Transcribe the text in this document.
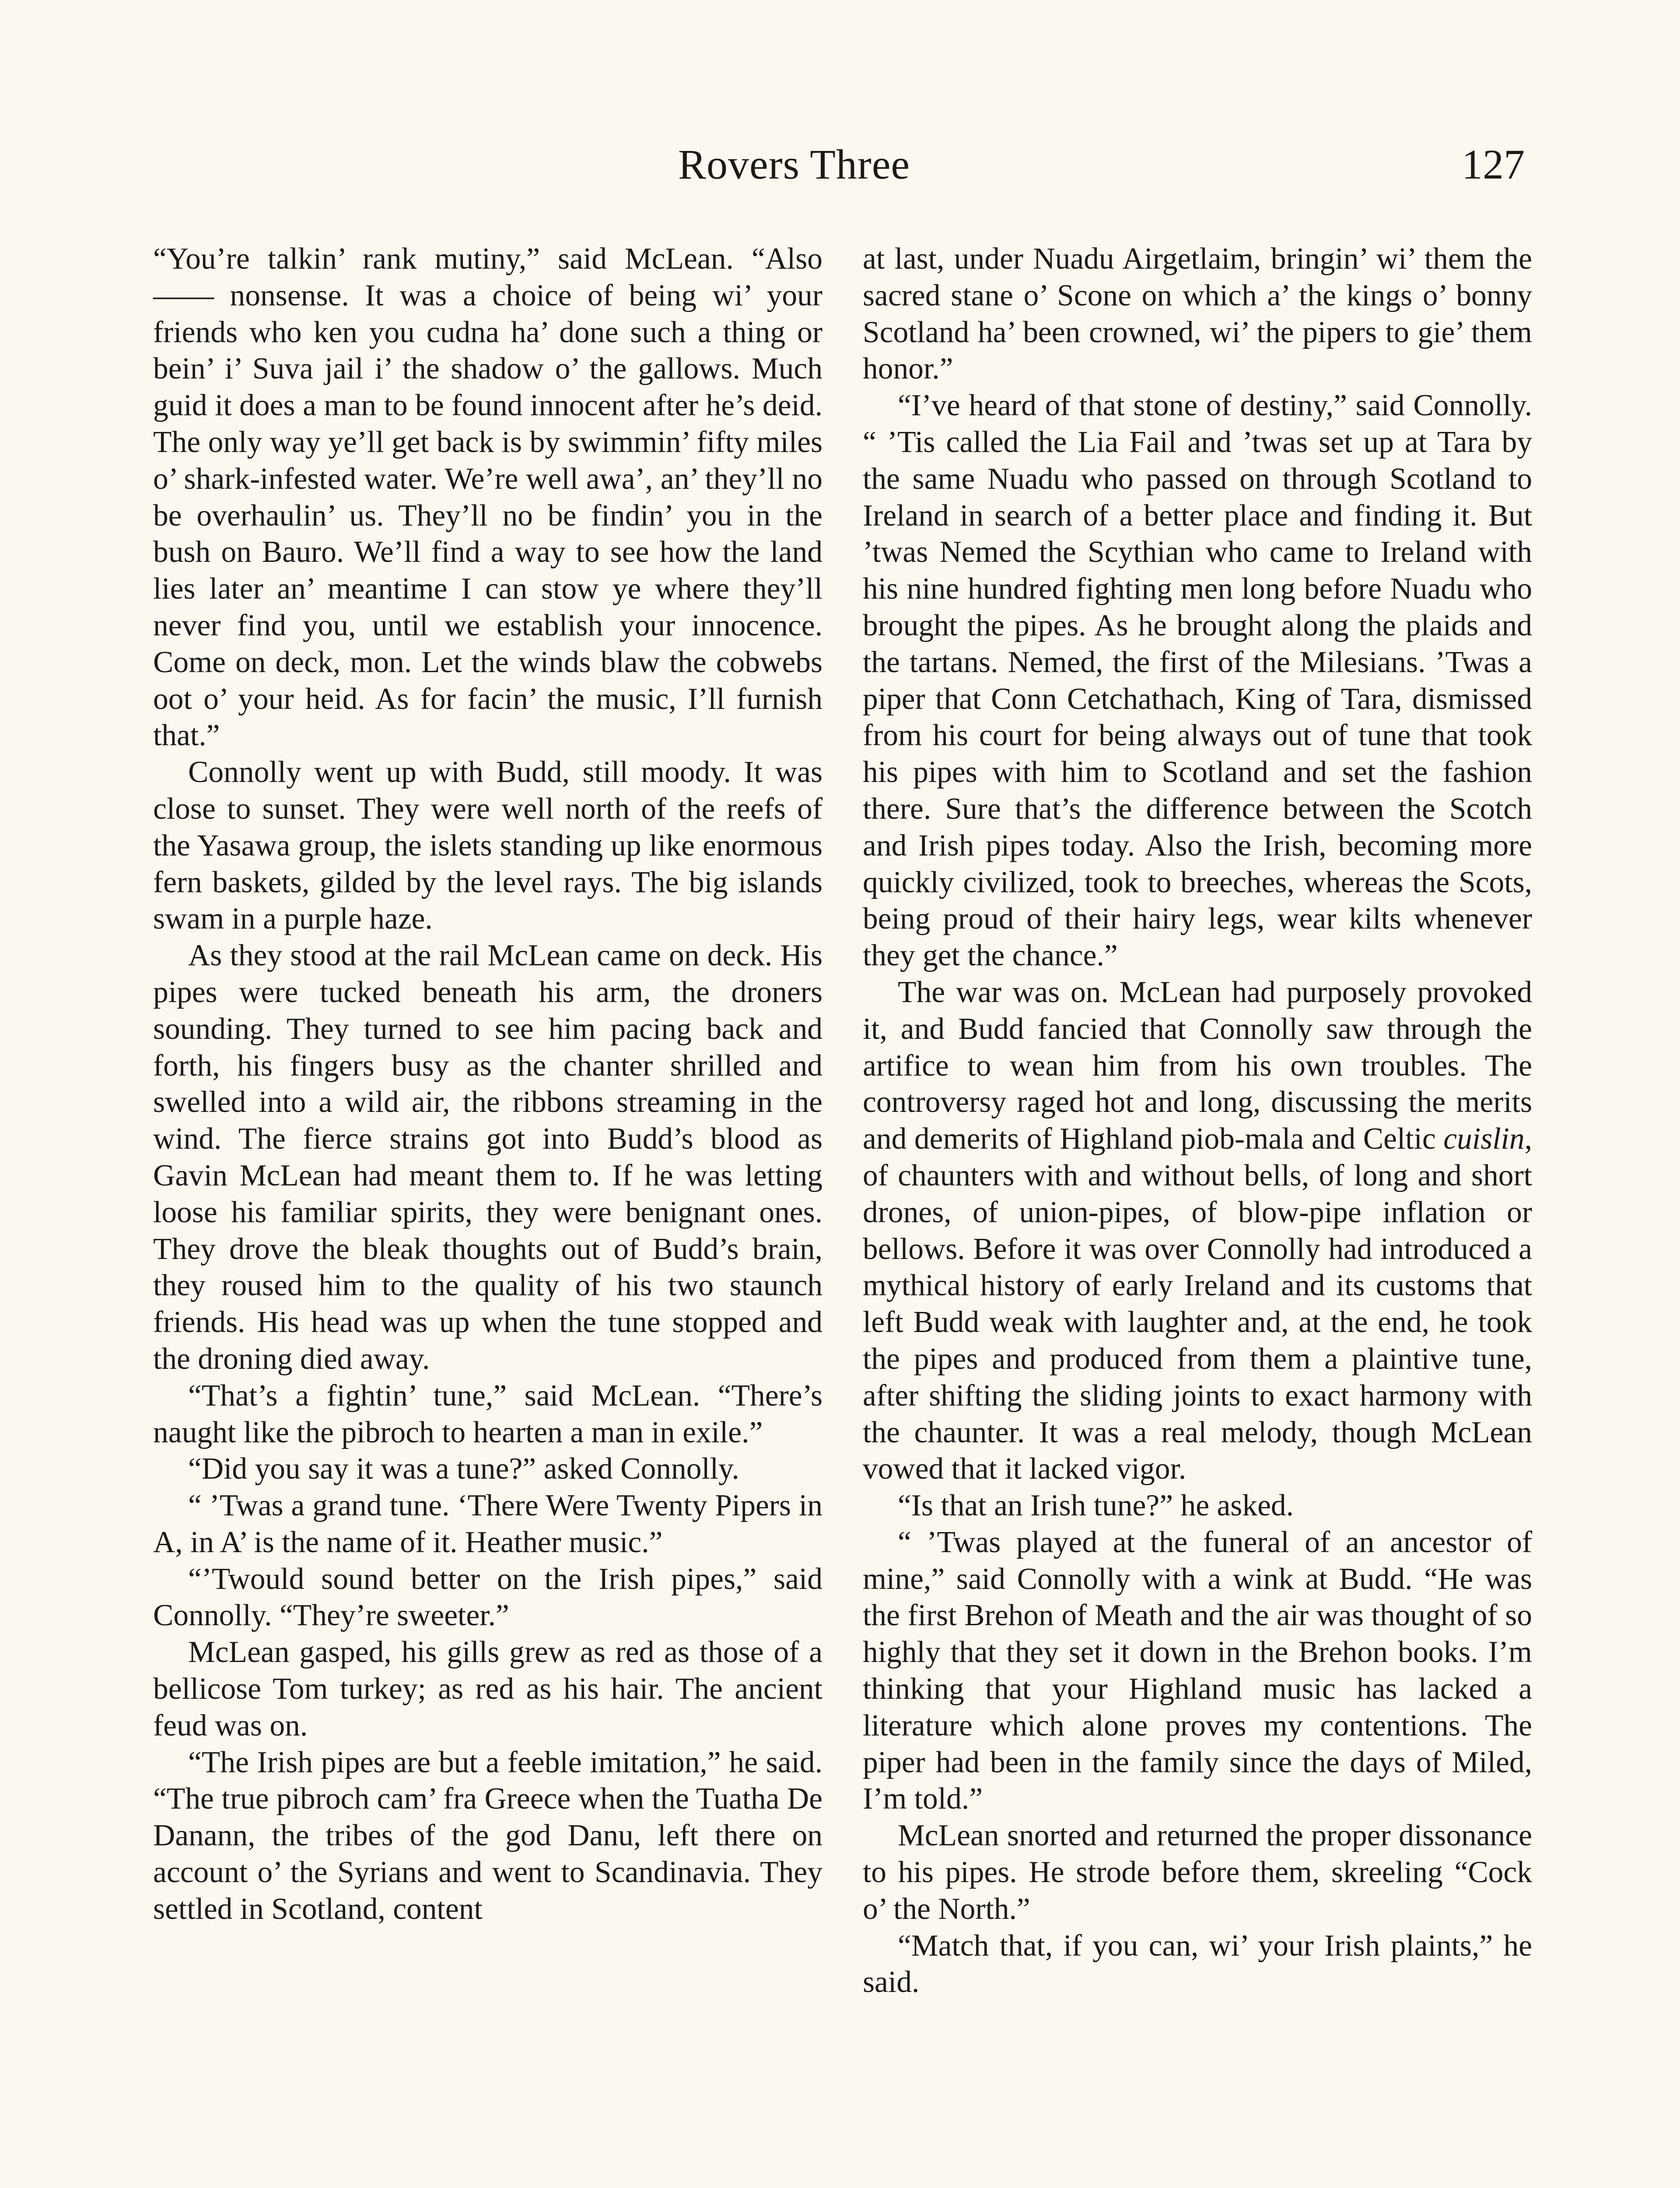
Rovers Three	127

“You’re talkin’ rank mutiny,” said McLean. “Also —— nonsense. It was a choice of being wi’ your friends who ken you cudna ha’ done such a thing or bein’ i’ Suva jail i’ the shadow o’ the gallows. Much guid it does a man to be found innocent after he’s deid. The only way ye’ll get back is by swimmin’ fifty miles o’ shark-infested water. We’re well awa’, an’ they’ll no be overhaulin’ us. They’ll no be findin’ you in the bush on Bauro. We’ll find a way to see how the land lies later an’ meantime I can stow ye where they’ll never find you, until we establish your innocence. Come on deck, mon. Let the winds blaw the cobwebs oot o’ your heid. As for facin’ the music, I’ll furnish that.”

Connolly went up with Budd, still moody. It was close to sunset. They were well north of the reefs of the Yasawa group, the islets standing up like enormous fern baskets, gilded by the level rays. The big islands swam in a purple haze.

As they stood at the rail McLean came on deck. His pipes were tucked beneath his arm, the droners sounding. They turned to see him pacing back and forth, his fingers busy as the chanter shrilled and swelled into a wild air, the ribbons streaming in the wind. The fierce strains got into Budd’s blood as Gavin McLean had meant them to. If he was letting loose his familiar spirits, they were benignant ones. They drove the bleak thoughts out of Budd’s brain, they roused him to the quality of his two staunch friends. His head was up when the tune stopped and the droning died away.

“That’s a fightin’ tune,” said McLean. “There’s naught like the pibroch to hearten a man in exile.”

“Did you say it was a tune?” asked Connolly.

“ ’Twas a grand tune. ‘There Were Twenty Pipers in A, in A’ is the name of it. Heather music.”

“’Twould sound better on the Irish pipes,” said Connolly. “They’re sweeter.”

McLean gasped, his gills grew as red as those of a bellicose Tom turkey; as red as his hair. The ancient feud was on.

“The Irish pipes are but a feeble imitation,” he said. “The true pibroch cam’ fra Greece when the Tuatha De Danann, the tribes of the god Danu, left there on account o’ the Syrians and went to Scandinavia. They settled in Scotland, content

at last, under Nuadu Airgetlaim, bringin’ wi’ them the sacred stane o’ Scone on which a’ the kings o’ bonny Scotland ha’ been crowned, wi’ the pipers to gie’ them honor.”

“I’ve heard of that stone of destiny,” said Connolly. “ ’Tis called the Lia Fail and ’twas set up at Tara by the same Nuadu who passed on through Scotland to Ireland in search of a better place and finding it. But ’twas Nemed the Scythian who came to Ireland with his nine hundred fighting men long before Nuadu who brought the pipes. As he brought along the plaids and the tartans. Nemed, the first of the Milesians. ’Twas a piper that Conn Cetchathach, King of Tara, dismissed from his court for being always out of tune that took his pipes with him to Scotland and set the fashion there. Sure that’s the difference between the Scotch and Irish pipes today. Also the Irish, becoming more quickly civilized, took to breeches, whereas the Scots, being proud of their hairy legs, wear kilts whenever they get the chance.”

The war was on. McLean had purposely provoked it, and Budd fancied that Connolly saw through the artifice to wean him from his own troubles. The controversy raged hot and long, discussing the merits and demerits of Highland piob-mala and Celtic cuislin, of chaunters with and without bells, of long and short drones, of union-pipes, of blow-pipe inflation or bellows. Before it was over Connolly had introduced a mythical history of early Ireland and its customs that left Budd weak with laughter and, at the end, he took the pipes and produced from them a plaintive tune, after shifting the sliding joints to exact harmony with the chaunter. It was a real melody, though McLean vowed that it lacked vigor.

“Is that an Irish tune?” he asked.

“ ’Twas played at the funeral of an ancestor of mine,” said Connolly with a wink at Budd. “He was the first Brehon of Meath and the air was thought of so highly that they set it down in the Brehon books. I’m thinking that your Highland music has lacked a literature which alone proves my contentions. The piper had been in the family since the days of Miled, I’m told.”

McLean snorted and returned the proper dissonance to his pipes. He strode before them, skreeling “Cock o’ the North.”

“Match that, if you can, wi’ your Irish plaints,” he said.
